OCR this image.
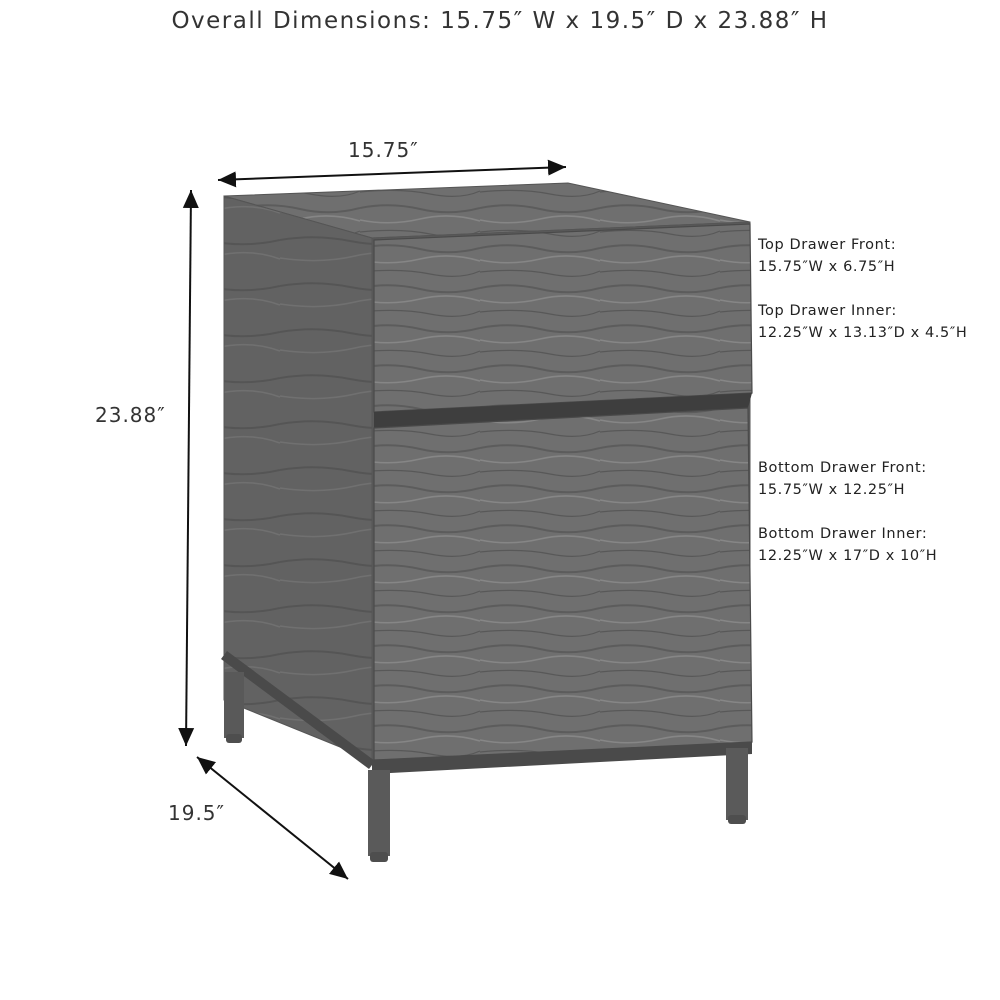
Overall Dimensions: 15.75″ W x 19.5″ D x 23.88″ H
15.75″
23.88″
19.5″
Top Drawer Front:
15.75″W x 6.75″H
Top Drawer Inner:
12.25″W x 13.13″D x 4.5″H
Bottom Drawer Front:
15.75″W x 12.25″H
Bottom Drawer Inner:
12.25″W x 17″D x 10″H
